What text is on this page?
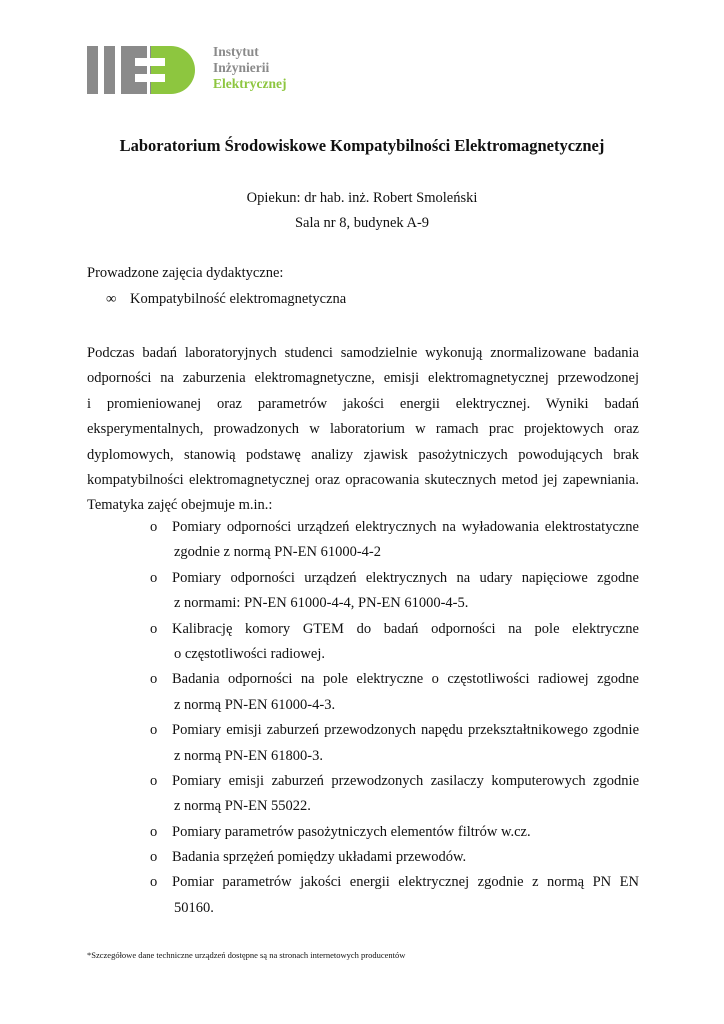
Instytut
Inżynierii
Elektrycznej
Laboratorium Środowiskowe Kompatybilności Elektromagnetycznej
Opiekun: dr hab. inż. Robert Smoleński
Sala nr 8, budynek A-9
Prowadzone zajęcia dydaktyczne:
∞ Kompatybilność elektromagnetyczna
Podczas badań laboratoryjnych studenci samodzielnie wykonują znormalizowane badania
odporności na zaburzenia elektromagnetyczne, emisji elektromagnetycznej przewodzonej
i promieniowanej oraz parametrów jakości energii elektrycznej. Wyniki badań
eksperymentalnych, prowadzonych w laboratorium w ramach prac projektowych oraz
dyplomowych, stanowią podstawę analizy zjawisk pasożytniczych powodujących brak
kompatybilności elektromagnetycznej oraz opracowania skutecznych metod jej zapewniania.
Tematyka zajęć obejmuje m.in.:
o Pomiary odporności urządzeń elektrycznych na wyładowania elektrostatyczne
zgodnie z normą PN-EN 61000-4-2
o Pomiary odporności urządzeń elektrycznych na udary napięciowe zgodne
z normami: PN-EN 61000-4-4, PN-EN 61000-4-5.
o Kalibrację komory GTEM do badań odporności na pole elektryczne
o częstotliwości radiowej.
o Badania odporności na pole elektryczne o częstotliwości radiowej zgodne
z normą PN-EN 61000-4-3.
o Pomiary emisji zaburzeń przewodzonych napędu przekształtnikowego zgodnie
z normą PN-EN 61800-3.
o Pomiary emisji zaburzeń przewodzonych zasilaczy komputerowych zgodnie
z normą PN-EN 55022.
o Pomiary parametrów pasożytniczych elementów filtrów w.cz.
o Badania sprzężeń pomiędzy układami przewodów.
o Pomiar parametrów jakości energii elektrycznej zgodnie z normą PN EN
50160.
*Szczegółowe dane techniczne urządzeń dostępne są na stronach internetowych producentów
